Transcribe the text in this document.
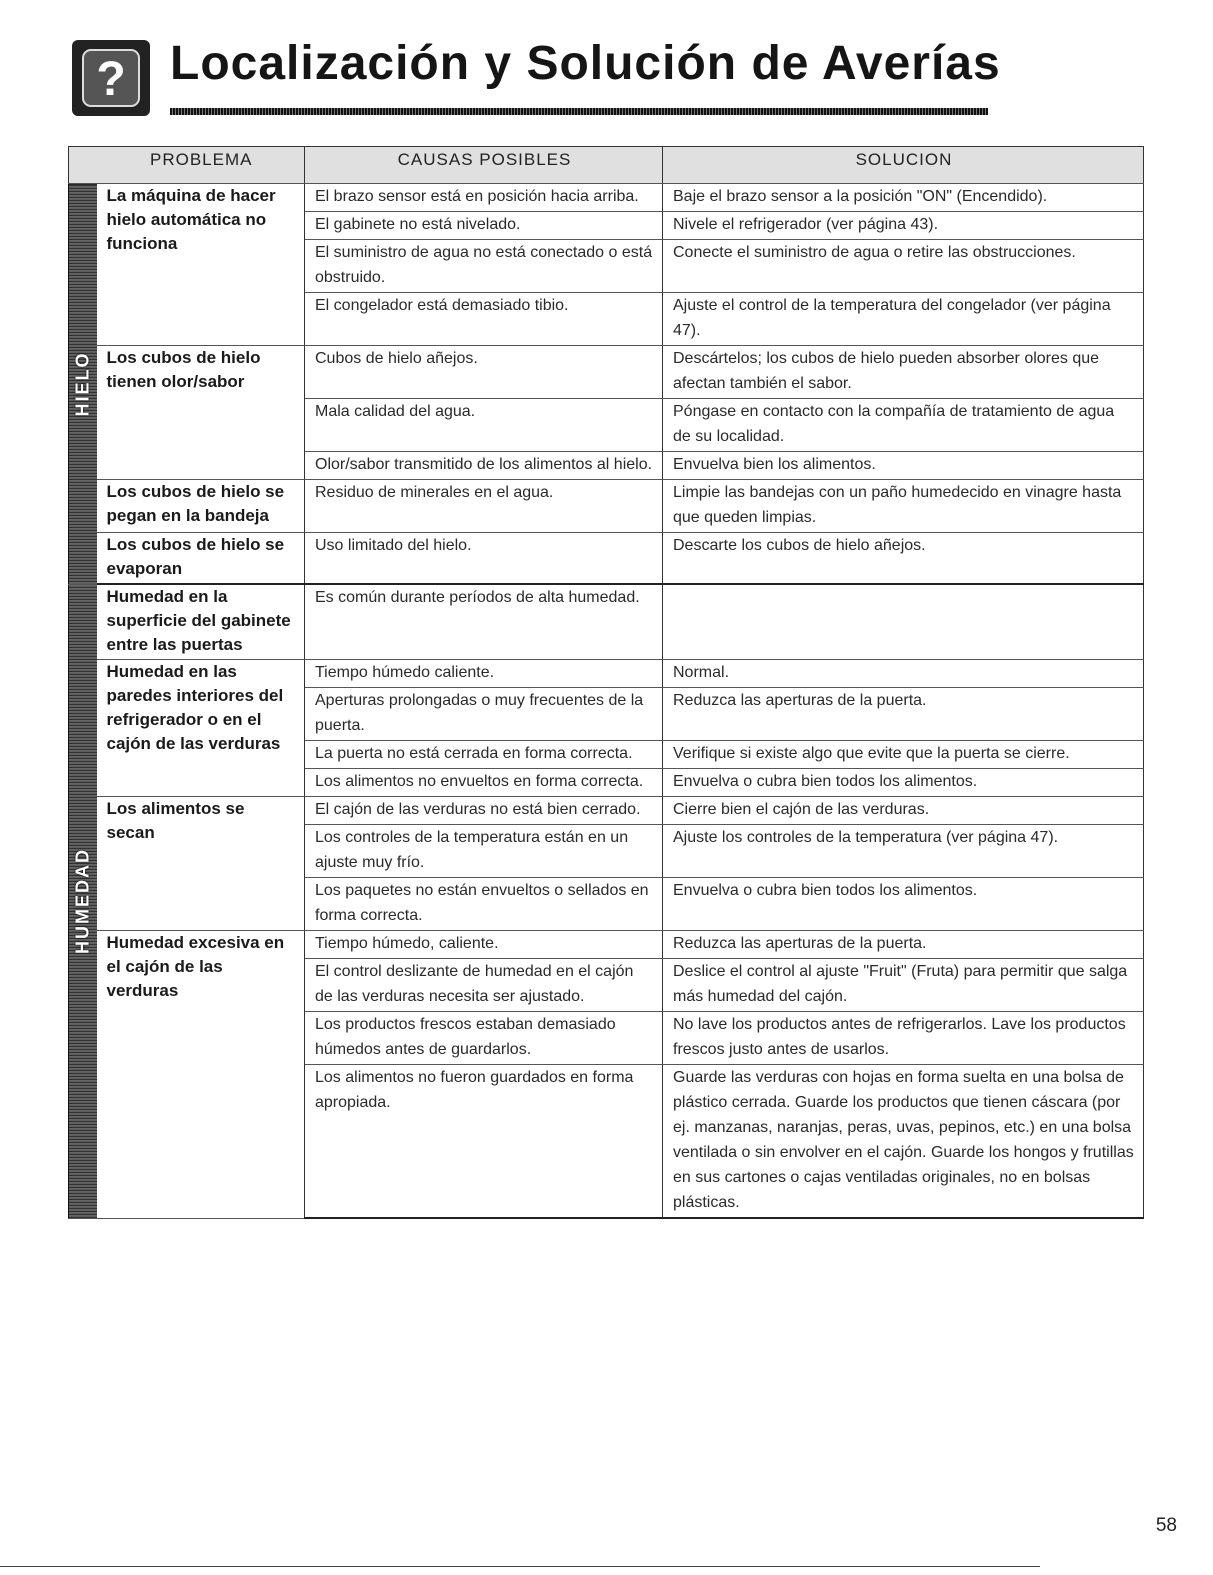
? Localización y Solución de Averías
	PROBLEMA	CAUSAS POSIBLES	SOLUCION

HIELO	La máquina de hacer hielo automática no funciona	El brazo sensor está en posición hacia arriba.	Baje el brazo sensor a la posición "ON" (Encendido).
		El gabinete no está nivelado.	Nivele el refrigerador (ver página 43).
		El suministro de agua no está conectado o está obstruido.	Conecte el suministro de agua o retire las obstrucciones.
		El congelador está demasiado tibio.	Ajuste el control de la temperatura del congelador (ver página 47).
	Los cubos de hielo tienen olor/sabor	Cubos de hielo añejos.	Descártelos; los cubos de hielo pueden absorber olores que afectan también el sabor.
		Mala calidad del agua.	Póngase en contacto con la compañía de tratamiento de agua de su localidad.
		Olor/sabor transmitido de los alimentos al hielo.	Envuelva bien los alimentos.
	Los cubos de hielo se pegan en la bandeja	Residuo de minerales en el agua.	Limpie las bandejas con un paño humedecido en vinagre hasta que queden limpias.
	Los cubos de hielo se evaporan	Uso limitado del hielo.	Descarte los cubos de hielo añejos.

HUMEDAD	Humedad en la superficie del gabinete entre las puertas	Es común durante períodos de alta humedad.	
	Humedad en las paredes interiores del refrigerador o en el cajón de las verduras	Tiempo húmedo caliente.	Normal.
		Aperturas prolongadas o muy frecuentes de la puerta.	Reduzca las aperturas de la puerta.
		La puerta no está cerrada en forma correcta.	Verifique si existe algo que evite que la puerta se cierre.
		Los alimentos no envueltos en forma correcta.	Envuelva o cubra bien todos los alimentos.
	Los alimentos se secan	El cajón de las verduras no está bien cerrado.	Cierre bien el cajón de las verduras.
		Los controles de la temperatura están en un ajuste muy frío.	Ajuste los controles de la temperatura (ver página 47).
		Los paquetes no están envueltos o sellados en forma correcta.	Envuelva o cubra bien todos los alimentos.
	Humedad excesiva en el cajón de las verduras	Tiempo húmedo, caliente.	Reduzca las aperturas de la puerta.
		El control deslizante de humedad en el cajón de las verduras necesita ser ajustado.	Deslice el control al ajuste "Fruit" (Fruta) para permitir que salga más humedad del cajón.
		Los productos frescos estaban demasiado húmedos antes de guardarlos.	No lave los productos antes de refrigerarlos. Lave los productos frescos justo antes de usarlos.
		Los alimentos no fueron guardados en forma apropiada.	Guarde las verduras con hojas en forma suelta en una bolsa de plástico cerrada. Guarde los productos que tienen cáscara (por ej. manzanas, naranjas, peras, uvas, pepinos, etc.) en una bolsa ventilada o sin envolver en el cajón. Guarde los hongos y frutillas en sus cartones o cajas ventiladas originales, no en bolsas plásticas.
58
